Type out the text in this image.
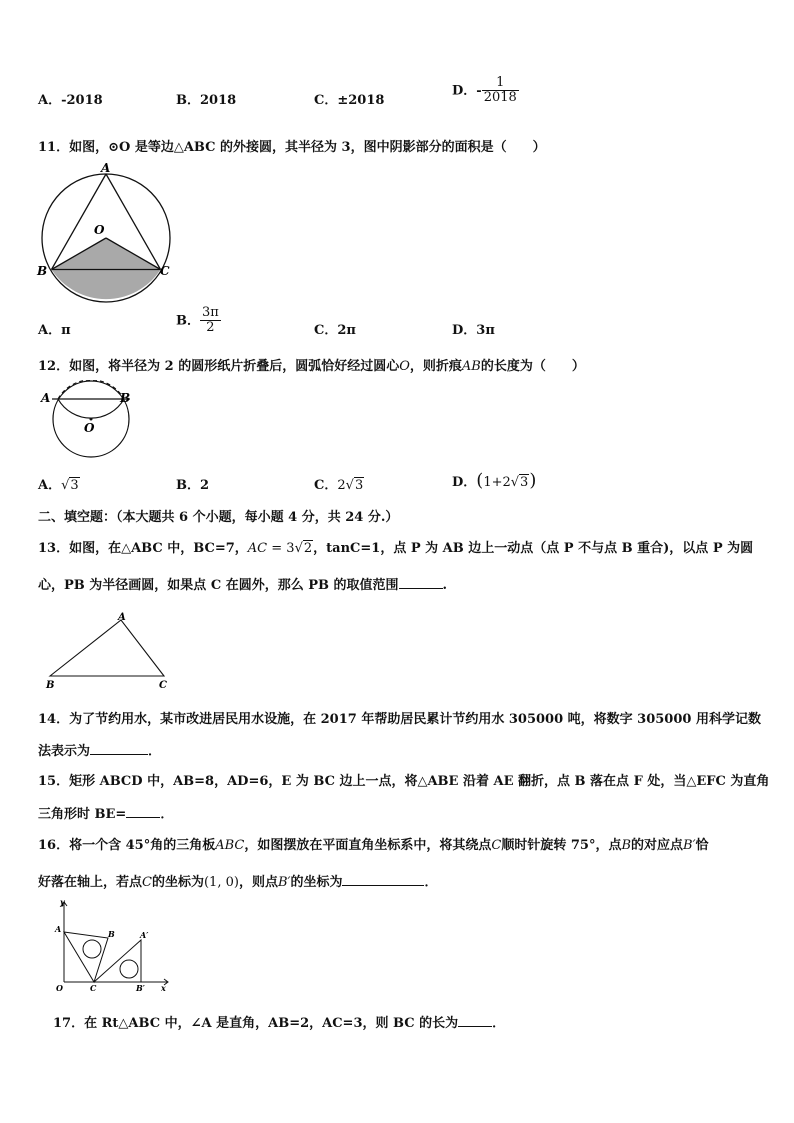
A．-2018	B．2018	C．±2018
D．- $\frac{1}{2018}$
11．如图，⊙O 是等边△ABC 的外接圆，其半径为 3，图中阴影部分的面积是（　　）
A
O
B	C
A．π
B． $\frac{3\pi}{2}$	C．2π	D．3π
12．如图，将半径为 2 的圆形纸片折叠后，圆弧恰好经过圆心O，则折痕AB的长度为（　　）
A	B
O
A．√3	B．2	C．2√3	D．(1+2√3)
二、填空题：（本大题共 6 个小题，每小题 4 分，共 24 分.）
13．如图，在△ABC 中，BC=7，AC = 3√2，tanC=1，点 P 为 AB 边上一动点（点 P 不与点 B 重合)，以点 P 为圆
心，PB 为半径画圆，如果点 C 在圆外，那么 PB 的取值范围	.
A
B	C
14．为了节约用水，某市改进居民用水设施，在 2017 年帮助居民累计节约用水 305000 吨，将数字 305000 用科学记数
法表示为	．
15．矩形 ABCD 中，AB=8，AD=6，E 为 BC 边上一点，将△ABE 沿着 AE 翻折，点 B 落在点 F 处，当△EFC 为直角
三角形时 BE=	．
16．将一个含 45°角的三角板ABC，如图摆放在平面直角坐标系中，将其绕点C顺时针旋转 75°，点B的对应点B′恰
好落在轴上，若点C的坐标为(1, 0)，则点B′的坐标为	．
y
x
O
A	B
C
A′
B′
17．在 Rt△ABC 中，∠A 是直角，AB=2，AC=3，则 BC 的长为	．
